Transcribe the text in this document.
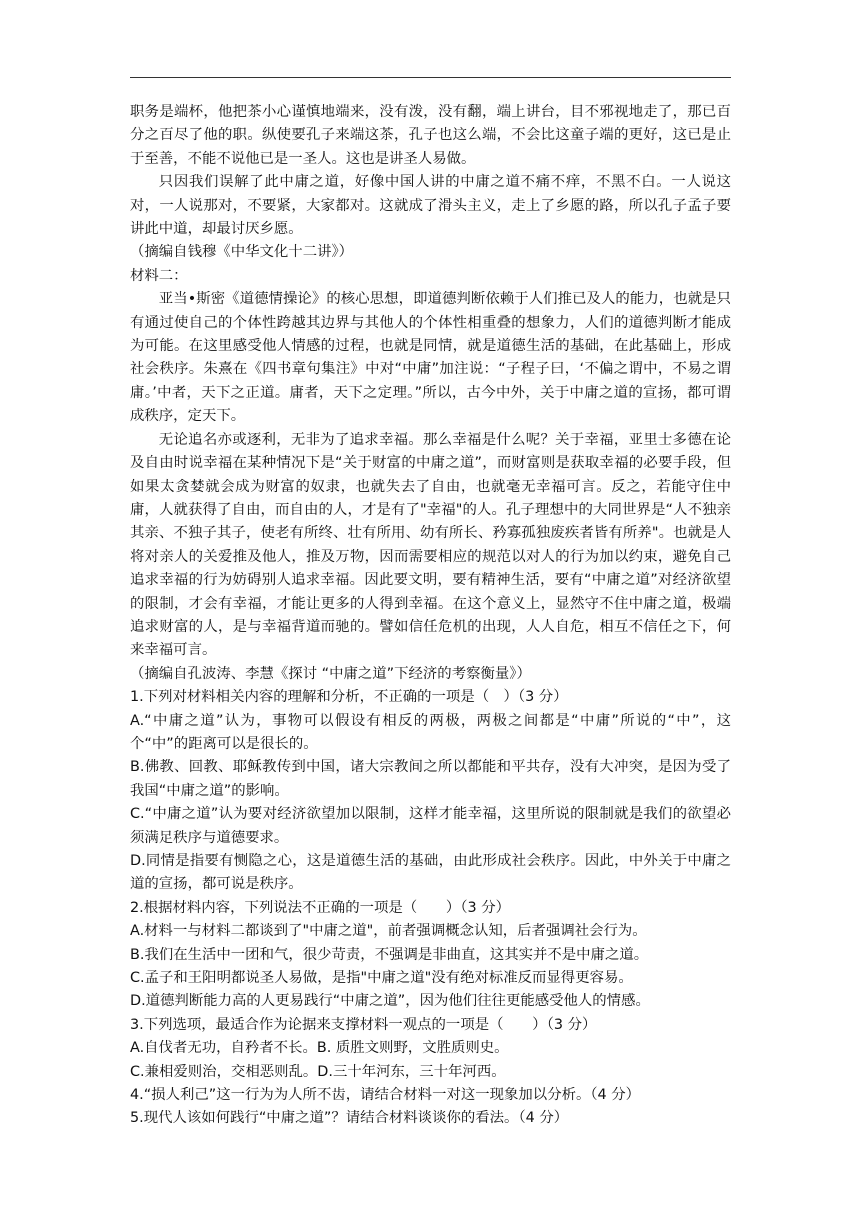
职务是端杯，他把茶小心谨慎地端来，没有泼，没有翻，端上讲台，目不邪视地走了，那已百分之百尽了他的职。纵使要孔子来端这茶，孔子也这么端，不会比这童子端的更好，这已是止于至善，不能不说他已是一圣人。这也是讲圣人易做。

只因我们误解了此中庸之道，好像中国人讲的中庸之道不痛不痒，不黑不白。一人说这对，一人说那对，不要紧，大家都对。这就成了滑头主义，走上了乡愿的路，所以孔子孟子要讲此中道，却最讨厌乡愿。

（摘编自钱穆《中华文化十二讲》）

材料二：

亚当•斯密《道德情操论》的核心思想，即道德判断依赖于人们推已及人的能力，也就是只有通过使自己的个体性跨越其边界与其他人的个体性相重叠的想象力，人们的道德判断才能成为可能。在这里感受他人情感的过程，也就是同情，就是道德生活的基础，在此基础上，形成社会秩序。朱熹在《四书章句集注》中对“中庸”加注说：“子程子曰，‘不偏之谓中，不易之谓庸。’中者，天下之正道。庸者，天下之定理。”所以，古今中外，关于中庸之道的宣扬，都可谓成秩序，定天下。

无论追名亦或逐利，无非为了追求幸福。那么幸福是什么呢？关于幸福，亚里士多德在论及自由时说幸福在某种情况下是“关于财富的中庸之道”，而财富则是获取幸福的必要手段，但如果太贪婪就会成为财富的奴隶，也就失去了自由，也就毫无幸福可言。反之，若能守住中庸，人就获得了自由，而自由的人，才是有了"幸福"的人。孔子理想中的大同世界是“人不独亲其亲、不独子其子，使老有所终、壮有所用、幼有所长、矜寡孤独废疾者皆有所养"。也就是人将对亲人的关爱推及他人，推及万物，因而需要相应的规范以对人的行为加以约束，避免自己追求幸福的行为妨碍别人追求幸福。因此要文明，要有精神生活，要有“中庸之道”对经济欲望的限制，才会有幸福，才能让更多的人得到幸福。在这个意义上，显然守不住中庸之道，极端追求财富的人，是与幸福背道而驰的。譬如信任危机的出现，人人自危，相互不信任之下，何来幸福可言。

（摘编自孔波涛、李慧《探讨 “中庸之道”下经济的考察衡量》）

1.下列对材料相关内容的理解和分析，不正确的一项是（　）（3 分）

A.“中庸之道”认为，事物可以假设有相反的两极，两极之间都是“中庸”所说的“中”，这个“中”的距离可以是很长的。

B.佛教、回教、耶稣教传到中国，诸大宗教间之所以都能和平共存，没有大冲突，是因为受了我国“中庸之道”的影响。

C.“中庸之道”认为要对经济欲望加以限制，这样才能幸福，这里所说的限制就是我们的欲望必须满足秩序与道德要求。

D.同情是指要有恻隐之心，这是道德生活的基础，由此形成社会秩序。因此，中外关于中庸之道的宣扬，都可说是秩序。

2.根据材料内容，下列说法不正确的一项是（　　）（3 分）

A.材料一与材料二都谈到了"中庸之道"，前者强调概念认知，后者强调社会行为。

B.我们在生活中一团和气，很少苛责，不强调是非曲直，这其实并不是中庸之道。

C.孟子和王阳明都说圣人易做，是指"中庸之道"没有绝对标准反而显得更容易。

D.道德判断能力高的人更易践行“中庸之道”，因为他们往往更能感受他人的情感。

3.下列选项，最适合作为论据来支撑材料一观点的一项是（　　）（3 分）

A.自伐者无功，自矜者不长。B. 质胜文则野，文胜质则史。

C.兼相爱则治，交相恶则乱。D.三十年河东，三十年河西。

4.“损人利己”这一行为为人所不齿，请结合材料一对这一现象加以分析。（4 分）

5.现代人该如何践行“中庸之道”？请结合材料谈谈你的看法。（4 分）
